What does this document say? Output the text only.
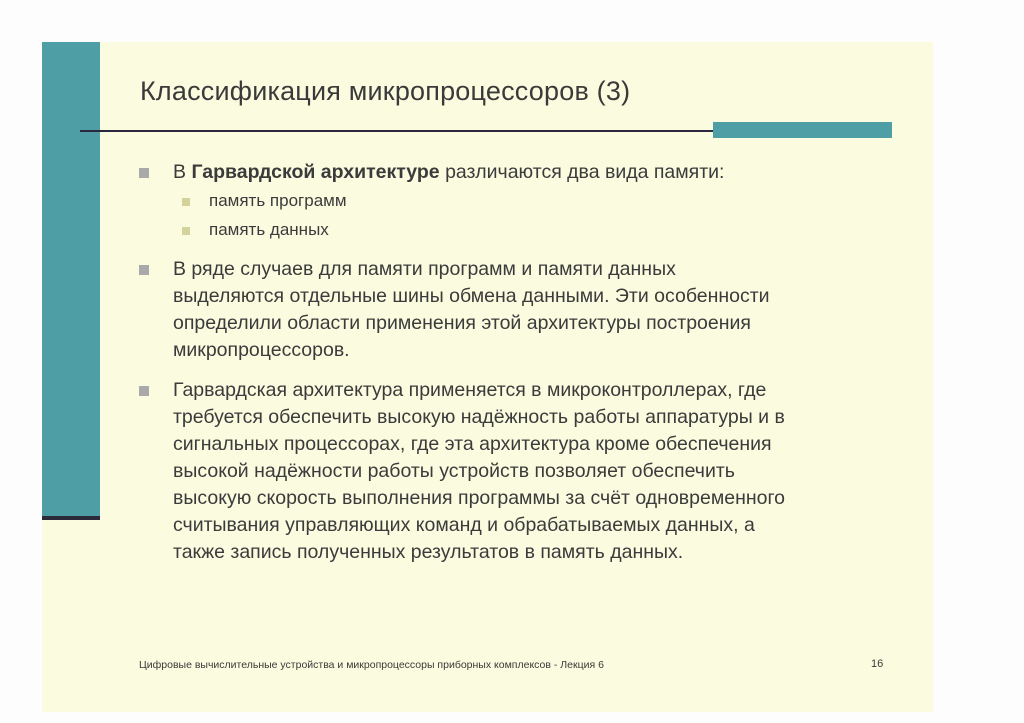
Классификация микропроцессоров (3)
В Гарвардской архитектуре различаются два вида памяти:
память программ
память данных
В ряде случаев для памяти программ и памяти данных
выделяются отдельные шины обмена данными. Эти особенности
определили области применения этой архитектуры построения
микропроцессоров.
Гарвардская архитектура применяется в микроконтроллерах, где
требуется обеспечить высокую надёжность работы аппаратуры и в
сигнальных процессорах, где эта архитектура кроме обеспечения
высокой надёжности работы устройств позволяет обеспечить
высокую скорость выполнения программы за счёт одновременного
считывания управляющих команд и обрабатываемых данных, а
также запись полученных результатов в память данных.
Цифровые вычислительные устройства и микропроцессоры приборных комплексов - Лекция 6	16
